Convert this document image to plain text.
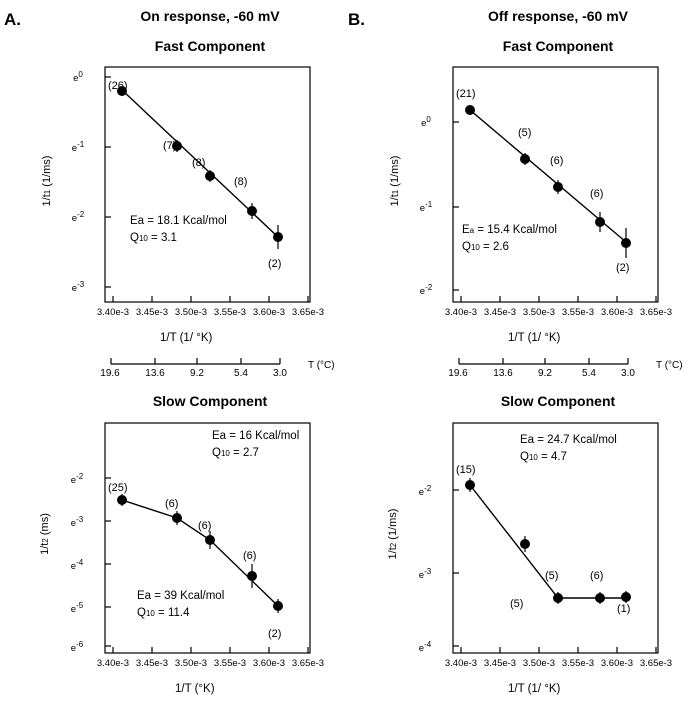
A.	On response, -60 mV
Fast Component
$e^0$
$e^{-1}$
$e^{-2}$
$e^{-3}$
3.40e-3 3.45e-3 3.50e-3 3.55e-3 3.60e-3 3.65e-3
1/T (1/ °K)
1/t1 (1/ms)
(26)
(7)
(8)
(8)
(2)
Ea = 18.1 Kcal/mol
Q10 = 3.1
19.6	13.6	9.2	5.4	3.0
T (°C)
Slow Component
$e^{-2}$
$e^{-3}$
$e^{-4}$
$e^{-5}$
$e^{-6}$
3.40e-3 3.45e-3 3.50e-3 3.55e-3 3.60e-3 3.65e-3
1/T (°K)
1/t2 (ms)
(25)
(6)
(6)
(6)
(2)
Ea = 16 Kcal/mol
Q10 = 2.7
Ea = 39 Kcal/mol
Q10 = 11.4
B.	Off response, -60 mV
Fast Component
$e^0$
$e^{-1}$
$e^{-2}$
3.40e-3 3.45e-3 3.50e-3 3.55e-3 3.60e-3 3.65e-3
1/T (1/ °K)
1/t1 (1/ms)
(21)
(5)
(6)
(6)
(2)
Ea = 15.4 Kcal/mol
Q10 = 2.6
19.6	13.6	9.2	5.4	3.0
T (°C)
Slow Component
$e^{-2}$
$e^{-3}$
$e^{-4}$
3.40e-3 3.45e-3 3.50e-3 3.55e-3 3.60e-3 3.65e-3
1/T (1/ °K)
1/t2 (1/ms)
(15)
(5)
(5)	(6)
(1)
Ea = 24.7 Kcal/mol
Q10 = 4.7
